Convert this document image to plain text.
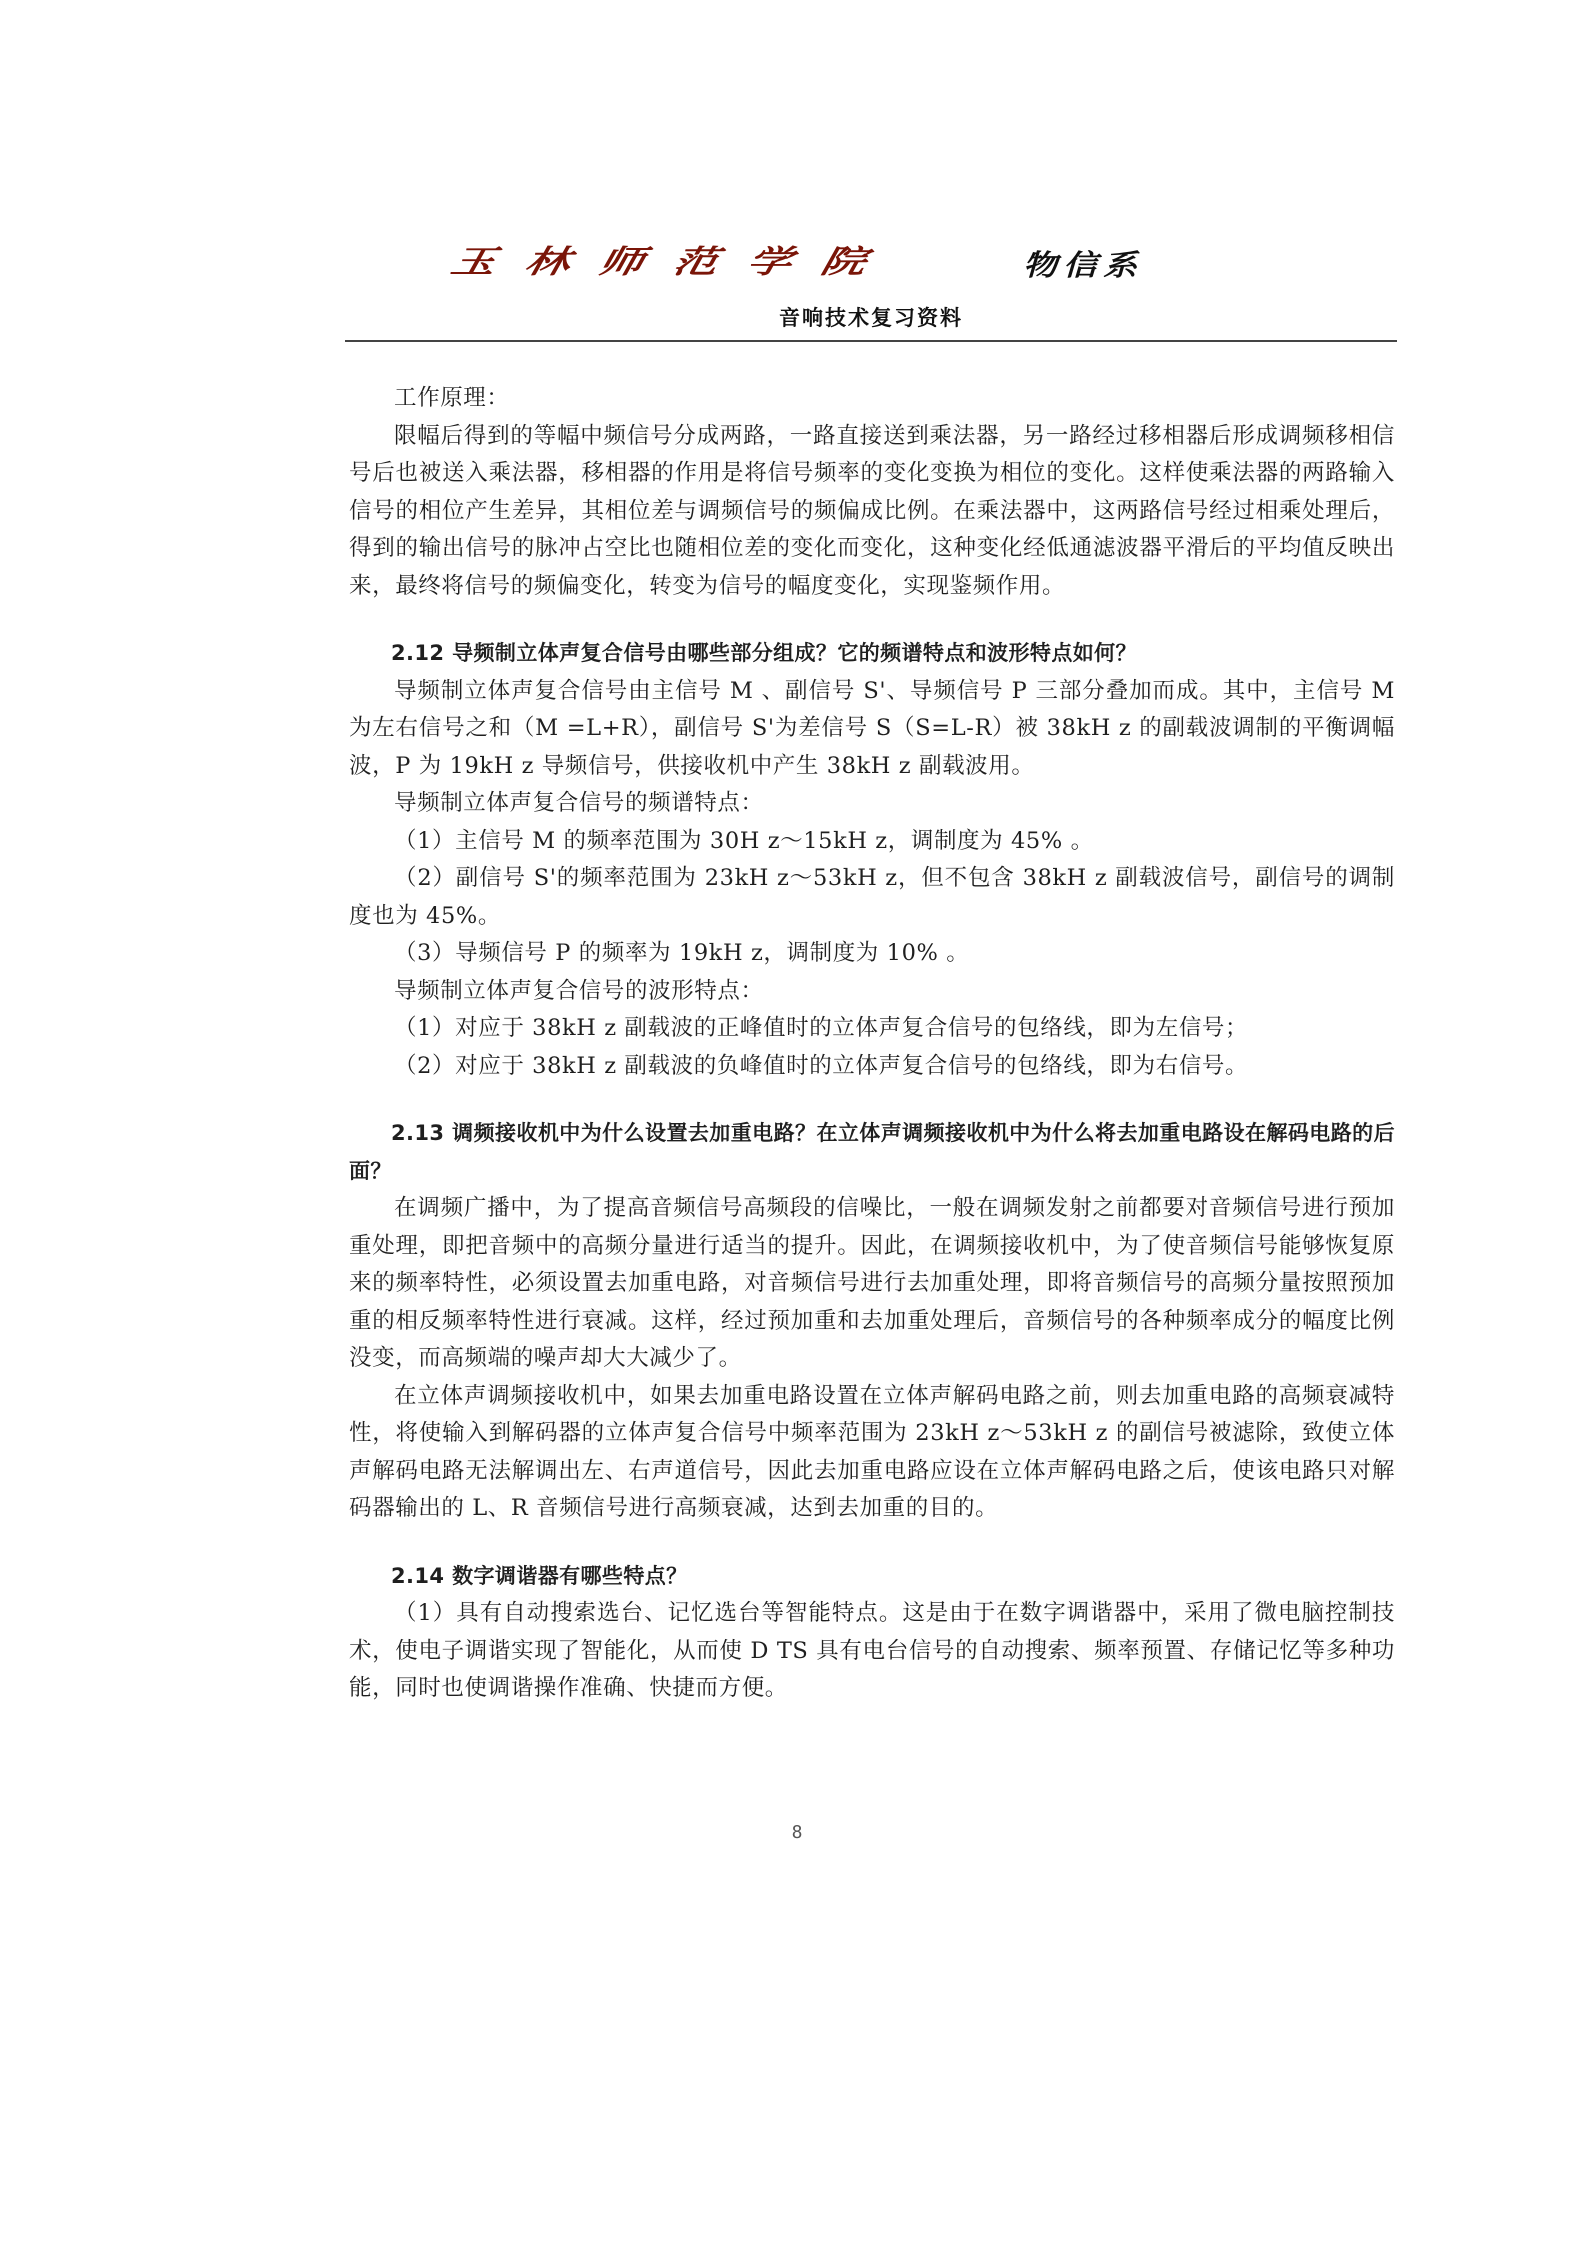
玉林师范学院	物信系
音响技术复习资料

工作原理：

限幅后得到的等幅中频信号分成两路，一路直接送到乘法器，另一路经过移相器后形成调频移相信号后也被送入乘法器，移相器的作用是将信号频率的变化变换为相位的变化。这样使乘法器的两路输入信号的相位产生差异，其相位差与调频信号的频偏成比例。在乘法器中，这两路信号经过相乘处理后，得到的输出信号的脉冲占空比也随相位差的变化而变化，这种变化经低通滤波器平滑后的平均值反映出来，最终将信号的频偏变化，转变为信号的幅度变化，实现鉴频作用。

2.12 导频制立体声复合信号由哪些部分组成？它的频谱特点和波形特点如何？

导频制立体声复合信号由主信号 M 、副信号 S'、导频信号 P 三部分叠加而成。其中，主信号 M 为左右信号之和（M =L+R），副信号 S'为差信号 S（S=L-R）被 38kH z 的副载波调制的平衡调幅波，P 为 19kH z 导频信号，供接收机中产生 38kH z 副载波用。

导频制立体声复合信号的频谱特点：

（1）主信号 M 的频率范围为 30H z～15kH z，调制度为 45% 。

（2）副信号 S'的频率范围为 23kH z～53kH z，但不包含 38kH z 副载波信号，副信号的调制度也为 45%。

（3）导频信号 P 的频率为 19kH z，调制度为 10% 。

导频制立体声复合信号的波形特点：

（1）对应于 38kH z 副载波的正峰值时的立体声复合信号的包络线，即为左信号；

（2）对应于 38kH z 副载波的负峰值时的立体声复合信号的包络线，即为右信号。

2.13 调频接收机中为什么设置去加重电路？在立体声调频接收机中为什么将去加重电路设在解码电路的后面？

在调频广播中，为了提高音频信号高频段的信噪比，一般在调频发射之前都要对音频信号进行预加重处理，即把音频中的高频分量进行适当的提升。因此，在调频接收机中，为了使音频信号能够恢复原来的频率特性，必须设置去加重电路，对音频信号进行去加重处理，即将音频信号的高频分量按照预加重的相反频率特性进行衰减。这样，经过预加重和去加重处理后，音频信号的各种频率成分的幅度比例没变，而高频端的噪声却大大减少了。

在立体声调频接收机中，如果去加重电路设置在立体声解码电路之前，则去加重电路的高频衰减特性，将使输入到解码器的立体声复合信号中频率范围为 23kH z～53kH z 的副信号被滤除，致使立体声解码电路无法解调出左、右声道信号，因此去加重电路应设在立体声解码电路之后，使该电路只对解码器输出的 L、R 音频信号进行高频衰减，达到去加重的目的。

2.14 数字调谐器有哪些特点？

（1）具有自动搜索选台、记忆选台等智能特点。这是由于在数字调谐器中，采用了微电脑控制技术，使电子调谐实现了智能化，从而使 D TS 具有电台信号的自动搜索、频率预置、存储记忆等多种功能，同时也使调谐操作准确、快捷而方便。

8
